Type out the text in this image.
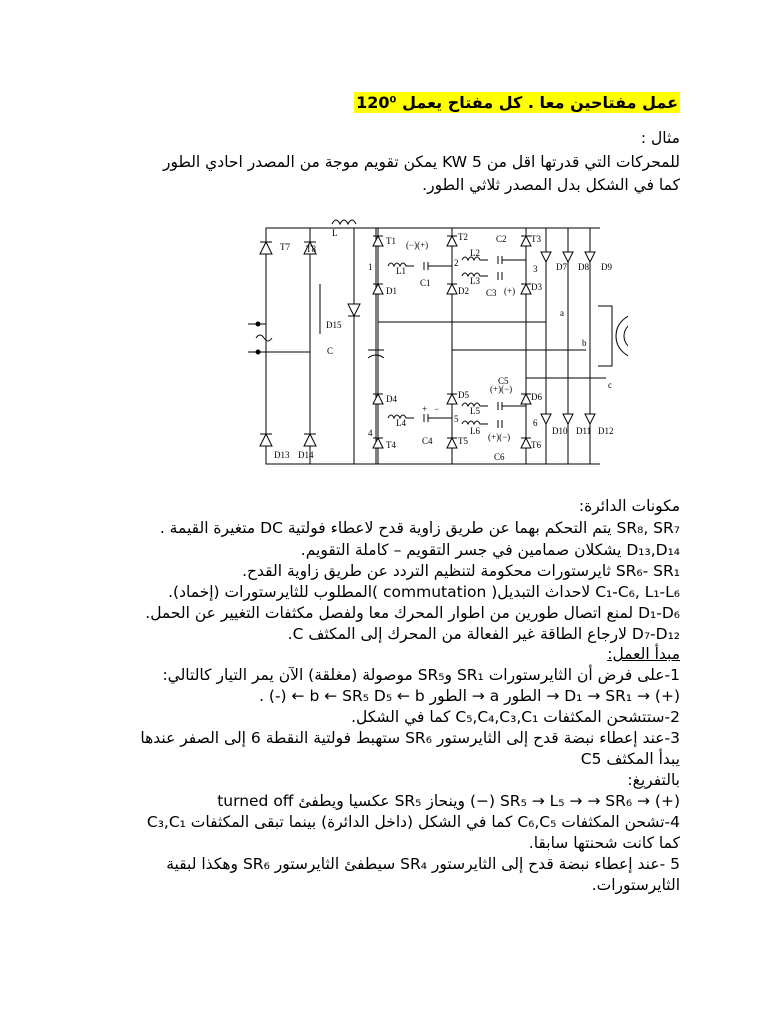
عمل مفتاحين معا . كل مفتاح يعمل 120⁰
مثال :
للمحركات التي قدرتها اقل من KW 5 يمكن تقويم موجة من المصدر احادي الطور
كما في الشكل بدل المصدر ثلاثي الطور.
L
C
D15
T7 T8
D13 D14
T1	T2	T3
T4	T5	T6
D1	D2	D3
D4	D5	D6
D7 D8 D9
D10 D11 D12
L1
L2
L3
L4
L5
L6
C1
C2
C3
C4
C5
C6
1	2
3
4
5	6
a
b
c
(−)(+)
(+)(−)
(+)(−)
(+)
+ −
مكونات الدائرة:
SR₈, SR₇ يتم التحكم بهما عن طريق زاوية قدح لاعطاء فولتية DC متغيرة القيمة .
D₁₃,D₁₄ يشكلان صمامين في جسر التقويم – كاملة التقويم.
SR₆- SR₁ ثايرستورات محكومة لتنظيم التردد عن طريق زاوية القدح.
C₁-C₆, L₁-L₆ لاحداث التبديل( commutation )المطلوب للثايرستورات (إخماد).
D₁-D₆ لمنع اتصال طورين من اطوار المحرك معا ولفصل مكثفات التغيير عن الحمل.
D₇-D₁₂ لارجاع الطاقة غير الفعالة من المحرك إلى المكثف C.
مبدأ العمل:
1-على فرض أن الثايرستورات SR₁ وSR₅ موصولة (مغلقة) الآن يمر التيار كالتالي:
(+) → D₁ → SR₁ → الطور a → الطور b ← SR₅ D₅ ← b ← (-) .
2-ستتشحن المكثفات C₅,C₄,C₃,C₁ كما في الشكل.
3-عند إعطاء نبضة قدح إلى الثايرستور SR₆ ستهبط فولتية النقطة 6 إلى الصفر عندها
يبدأ المكثف C5
بالتفريغ:
(+) → SR₅ → L₅ → → SR₆ (−) وينحاز SR₅ عكسيا ويطفئ turned off
4-تشحن المكثفات C₆,C₅ كما في الشكل (داخل الدائرة) بينما تبقى المكثفات C₃,C₁
كما كانت شحنتها سابقا.
5 -عند إعطاء نبضة قدح إلى الثايرستور SR₄ سيطفئ الثايرستور SR₆ وهكذا لبقية
الثايرستورات.
